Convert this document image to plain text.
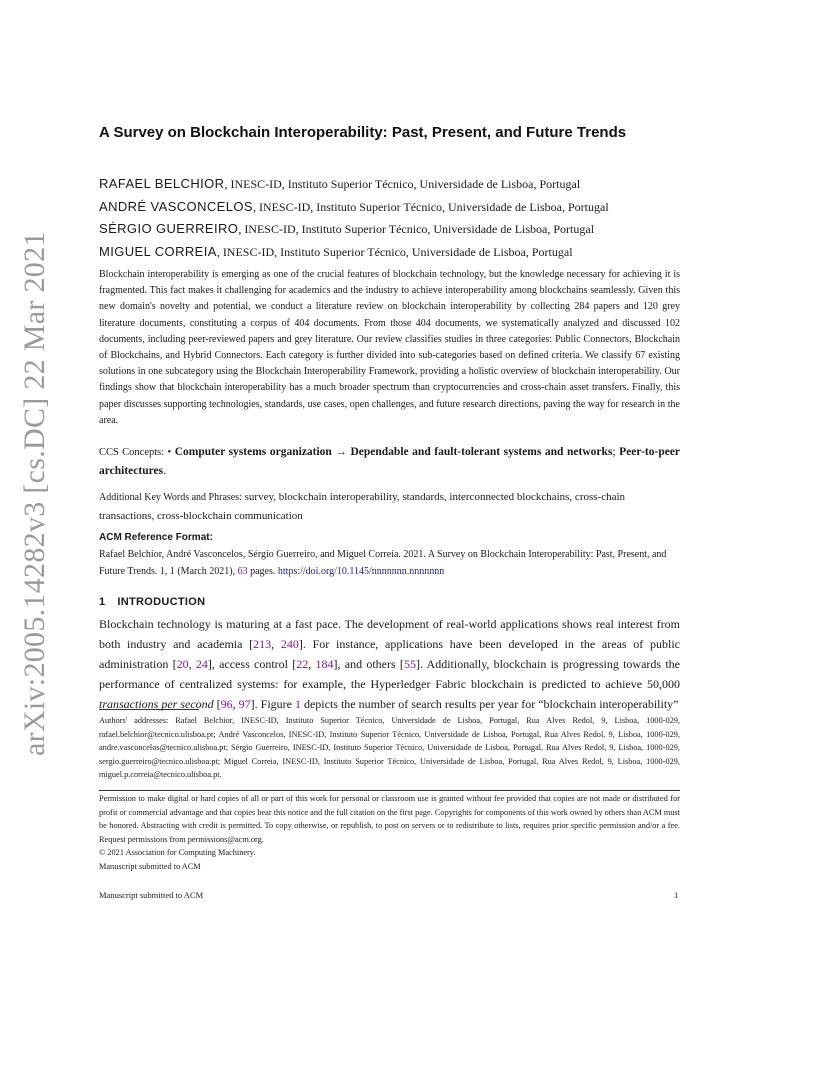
arXiv:2005.14282v3 [cs.DC] 22 Mar 2021
A Survey on Blockchain Interoperability: Past, Present, and Future Trends
RAFAEL BELCHIOR, INESC-ID, Instituto Superior Técnico, Universidade de Lisboa, Portugal
ANDRÉ VASCONCELOS, INESC-ID, Instituto Superior Técnico, Universidade de Lisboa, Portugal
SÉRGIO GUERREIRO, INESC-ID, Instituto Superior Técnico, Universidade de Lisboa, Portugal
MIGUEL CORREIA, INESC-ID, Instituto Superior Técnico, Universidade de Lisboa, Portugal

Blockchain interoperability is emerging as one of the crucial features of blockchain technology, but the knowledge necessary for achieving it is fragmented. This fact makes it challenging for academics and the industry to achieve interoperability among blockchains seamlessly. Given this new domain's novelty and potential, we conduct a literature review on blockchain interoperability by collecting 284 papers and 120 grey literature documents, constituting a corpus of 404 documents. From those 404 documents, we systematically analyzed and discussed 102 documents, including peer-reviewed papers and grey literature. Our review classifies studies in three categories: Public Connectors, Blockchain of Blockchains, and Hybrid Connectors. Each category is further divided into sub-categories based on defined criteria. We classify 67 existing solutions in one subcategory using the Blockchain Interoperability Framework, providing a holistic overview of blockchain interoperability. Our findings show that blockchain interoperability has a much broader spectrum than cryptocurrencies and cross-chain asset transfers. Finally, this paper discusses supporting technologies, standards, use cases, open challenges, and future research directions, paving the way for research in the area.

CCS Concepts: • Computer systems organization → Dependable and fault-tolerant systems and networks; Peer-to-peer architectures.
Additional Key Words and Phrases: survey, blockchain interoperability, standards, interconnected blockchains, cross-chain transactions, cross-blockchain communication
ACM Reference Format:
Rafael Belchior, André Vasconcelos, Sérgio Guerreiro, and Miguel Correia. 2021. A Survey on Blockchain Interoperability: Past, Present, and Future Trends. 1, 1 (March 2021), 63 pages. https://doi.org/10.1145/nnnnnnn.nnnnnnn
1 INTRODUCTION

Blockchain technology is maturing at a fast pace. The development of real-world applications shows real interest from both industry and academia [213, 240]. For instance, applications have been developed in the areas of public administration [20, 24], access control [22, 184], and others [55]. Additionally, blockchain is progressing towards the performance of centralized systems: for example, the Hyperledger Fabric blockchain is predicted to achieve 50,000 transactions per second [96, 97]. Figure 1 depicts the number of search results per year for “blockchain interoperability”

Authors' addresses: Rafael Belchior, INESC-ID, Instituto Superior Técnico, Universidade de Lisboa, Portugal, Rua Alves Redol, 9, Lisboa, 1000-029, rafael.belchior@tecnico.ulisboa.pt; André Vasconcelos, INESC-ID, Instituto Superior Técnico, Universidade de Lisboa, Portugal, Rua Alves Redol, 9, Lisboa, 1000-029, andre.vasconcelos@tecnico.ulisboa.pt; Sérgio Guerreiro, INESC-ID, Instituto Superior Técnico, Universidade de Lisboa, Portugal, Rua Alves Redol, 9, Lisboa, 1000-029, sergio.guerreiro@tecnico.ulisboa.pt; Miguel Correia, INESC-ID, Instituto Superior Técnico, Universidade de Lisboa, Portugal, Rua Alves Redol, 9, Lisboa, 1000-029, miguel.p.correia@tecnico.ulisboa.pt.

Permission to make digital or hard copies of all or part of this work for personal or classroom use is granted without fee provided that copies are not made or distributed for profit or commercial advantage and that copies bear this notice and the full citation on the first page. Copyrights for components of this work owned by others than ACM must be honored. Abstracting with credit is permitted. To copy otherwise, or republish, to post on servers or to redistribute to lists, requires prior specific permission and/or a fee. Request permissions from permissions@acm.org.
© 2021 Association for Computing Machinery.
Manuscript submitted to ACM
Manuscript submitted to ACM	1
